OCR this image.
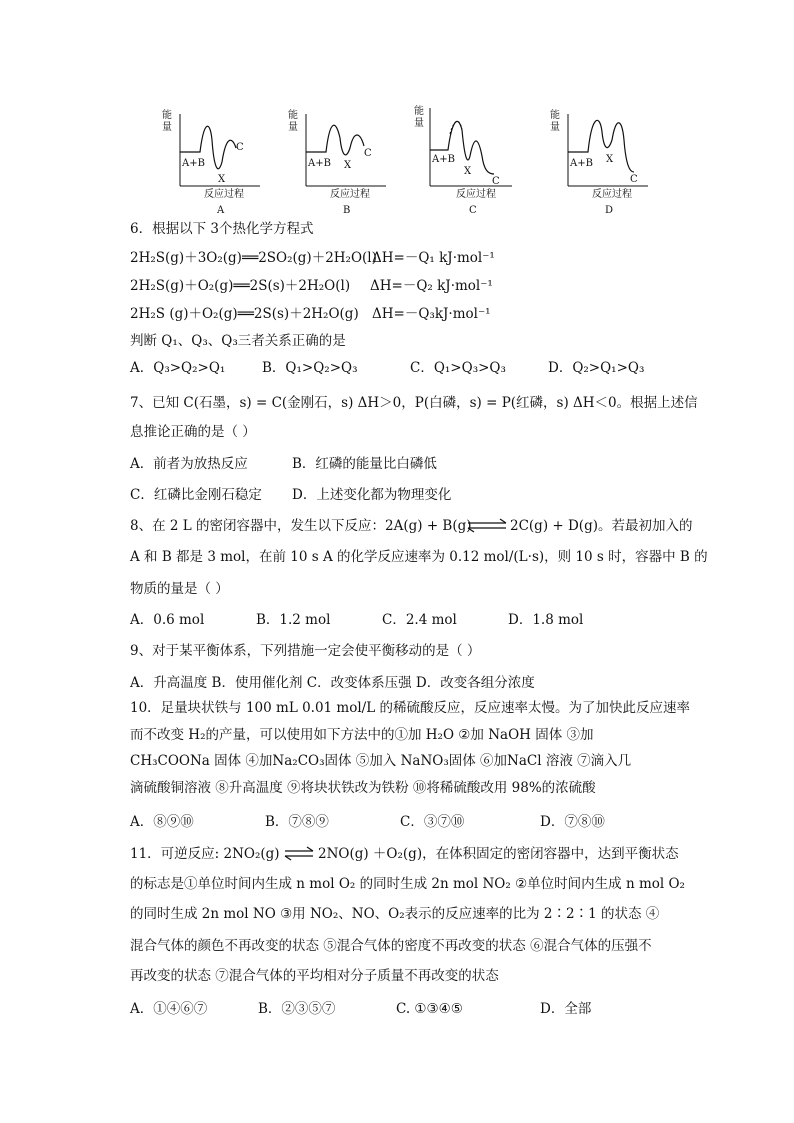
能
量
A+B
X
C
反应过程
A
能
量
A+B X
C
反应过程
B
能
量
A+B
X
C
反应过程
C
能
量
A+B X
C
反应过程
D
6．根据以下 3个热化学方程式
2H₂S(g)＋3O₂(g)══2SO₂(g)＋2H₂O(l)
ΔH=－Q₁ kJ·mol⁻¹
2H₂S(g)＋O₂(g)══2S(s)＋2H₂O(l) ΔH=－Q₂ kJ·mol⁻¹
2H₂S (g)＋O₂(g)══2S(s)＋2H₂O(g) ΔH=－Q₃kJ·mol⁻¹
判断 Q₁、Q₃、Q₃三者关系正确的是
A．Q₃>Q₂>Q₁	B．Q₁>Q₂>Q₃	C．Q₁>Q₃>Q₃	D．Q₂>Q₁>Q₃
7、已知 C(石墨，s) = C(金刚石，s) ΔH＞0，P(白磷，s) = P(红磷，s) ΔH＜0。根据上述信
息推论正确的是（ ）
A．前者为放热反应	B．红磷的能量比白磷低
C．红磷比金刚石稳定 D．上述变化都为物理变化
8、在 2 L 的密闭容器中，发生以下反应：2A(g) + B(g) ⇌ 2C(g) + D(g)。若最初加入的
A 和 B 都是 3 mol，在前 10 s A 的化学反应速率为 0.12 mol/(L·s)，则 10 s 时，容器中 B 的
物质的量是（ ）
A．0.6 mol	B．1.2 mol	C．2.4 mol	D．1.8 mol
9、对于某平衡体系，下列措施一定会使平衡移动的是（ ）
A．升高温度 B．使用催化剂 C．改变体系压强 D．改变各组分浓度
10．足量块状铁与 100 mL 0.01 mol/L 的稀硫酸反应，反应速率太慢。为了加快此反应速率
而不改变 H₂的产量，可以使用如下方法中的①加 H₂O ②加 NaOH 固体 ③加
CH₃COONa 固体 ④加Na₂CO₃固体 ⑤加入 NaNO₃固体 ⑥加NaCl 溶液 ⑦滴入几
滴硫酸铜溶液 ⑧升高温度 ⑨将块状铁改为铁粉 ⑩将稀硫酸改用 98%的浓硫酸
A．⑧⑨⑩	B．⑦⑧⑨	C．③⑦⑩	D．⑦⑧⑩
11．可逆反应: 2NO₂(g) ⇌ 2NO(g) ＋O₂(g)，在体积固定的密闭容器中，达到平衡状态
的标志是①单位时间内生成 n mol O₂ 的同时生成 2n mol NO₂ ②单位时间内生成 n mol O₂
的同时生成 2n mol NO ③用 NO₂、NO、O₂表示的反应速率的比为 2∶2∶1 的状态 ④
混合气体的颜色不再改变的状态 ⑤混合气体的密度不再改变的状态 ⑥混合气体的压强不
再改变的状态 ⑦混合气体的平均相对分子质量不再改变的状态
A．①④⑥⑦	B．②③⑤⑦	C. ①③④⑤	D．全部
